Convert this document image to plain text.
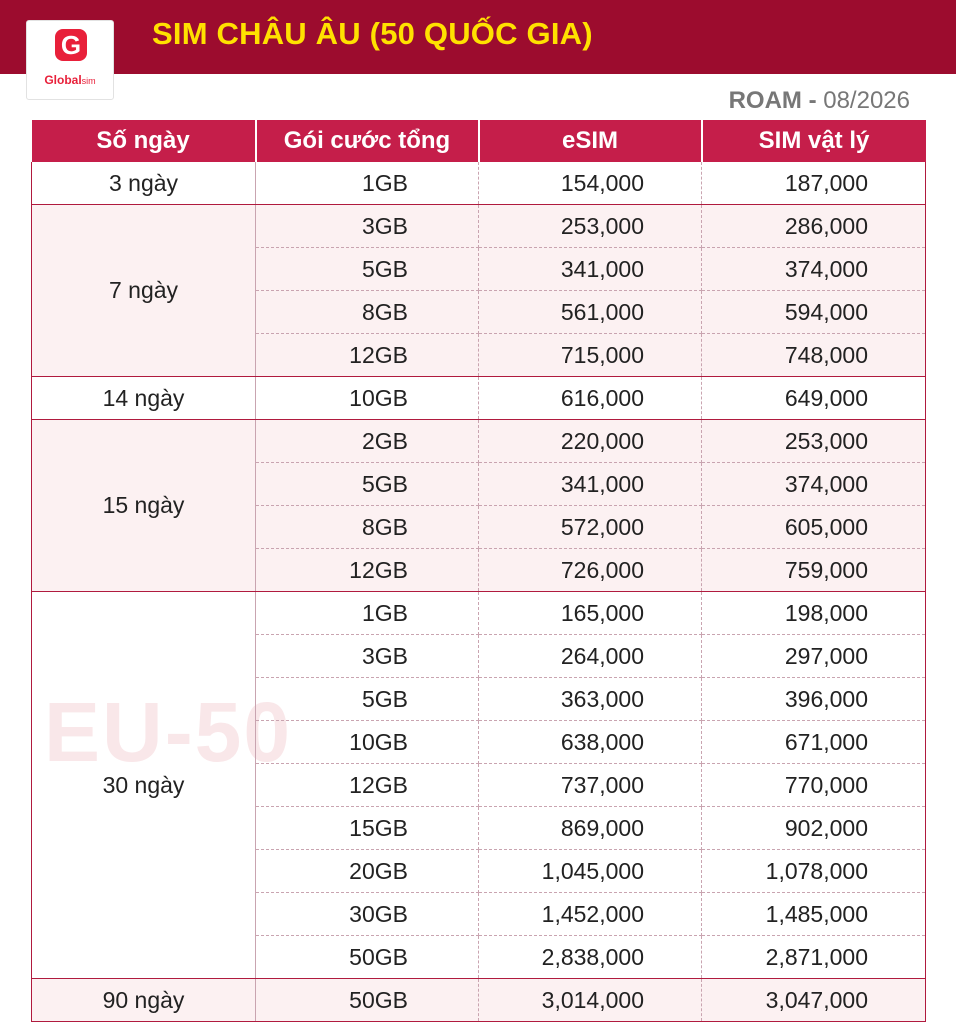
SIM CHÂU ÂU (50 QUỐC GIA)
G
Globalsim
ROAM - 08/2026
EU-50
Số ngày	Gói cước tổng	eSIM	SIM vật lý
3 ngày	1GB	154,000	187,000
7 ngày	3GB	253,000	286,000
	5GB	341,000	374,000
	8GB	561,000	594,000
	12GB	715,000	748,000
14 ngày	10GB	616,000	649,000
15 ngày	2GB	220,000	253,000
	5GB	341,000	374,000
	8GB	572,000	605,000
	12GB	726,000	759,000
30 ngày	1GB	165,000	198,000
	3GB	264,000	297,000
	5GB	363,000	396,000
	10GB	638,000	671,000
	12GB	737,000	770,000
	15GB	869,000	902,000
	20GB	1,045,000	1,078,000
	30GB	1,452,000	1,485,000
	50GB	2,838,000	2,871,000
90 ngày	50GB	3,014,000	3,047,000
